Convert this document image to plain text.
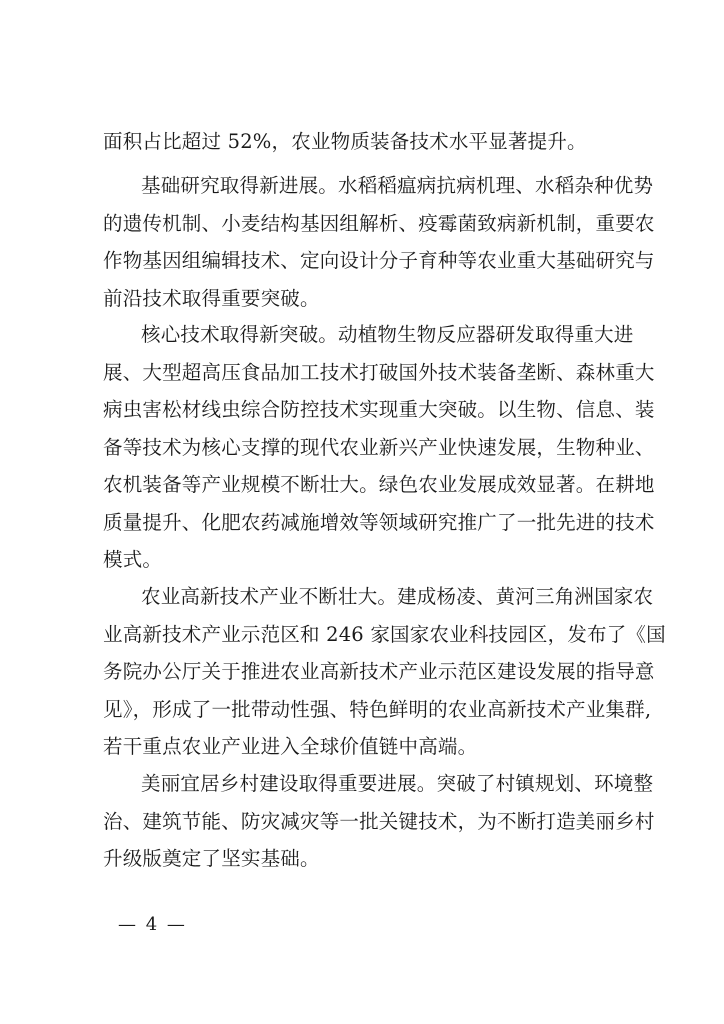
面积占比超过 52%，农业物质装备技术水平显著提升。
基础研究取得新进展。水稻稻瘟病抗病机理、水稻杂种优势
的遗传机制、小麦结构基因组解析、疫霉菌致病新机制，重要农
作物基因组编辑技术、定向设计分子育种等农业重大基础研究与
前沿技术取得重要突破。
核心技术取得新突破。动植物生物反应器研发取得重大进
展、大型超高压食品加工技术打破国外技术装备垄断、森林重大
病虫害松材线虫综合防控技术实现重大突破。以生物、信息、装
备等技术为核心支撑的现代农业新兴产业快速发展，生物种业、
农机装备等产业规模不断壮大。绿色农业发展成效显著。在耕地
质量提升、化肥农药减施增效等领域研究推广了一批先进的技术
模式。
农业高新技术产业不断壮大。建成杨凌、黄河三角洲国家农
业高新技术产业示范区和 246 家国家农业科技园区，发布了《国
务院办公厅关于推进农业高新技术产业示范区建设发展的指导意
见》，形成了一批带动性强、特色鲜明的农业高新技术产业集群,
若干重点农业产业进入全球价值链中高端。
美丽宜居乡村建设取得重要进展。突破了村镇规划、环境整
治、建筑节能、防灾减灾等一批关键技术，为不断打造美丽乡村
升级版奠定了坚实基础。
— 4 —
